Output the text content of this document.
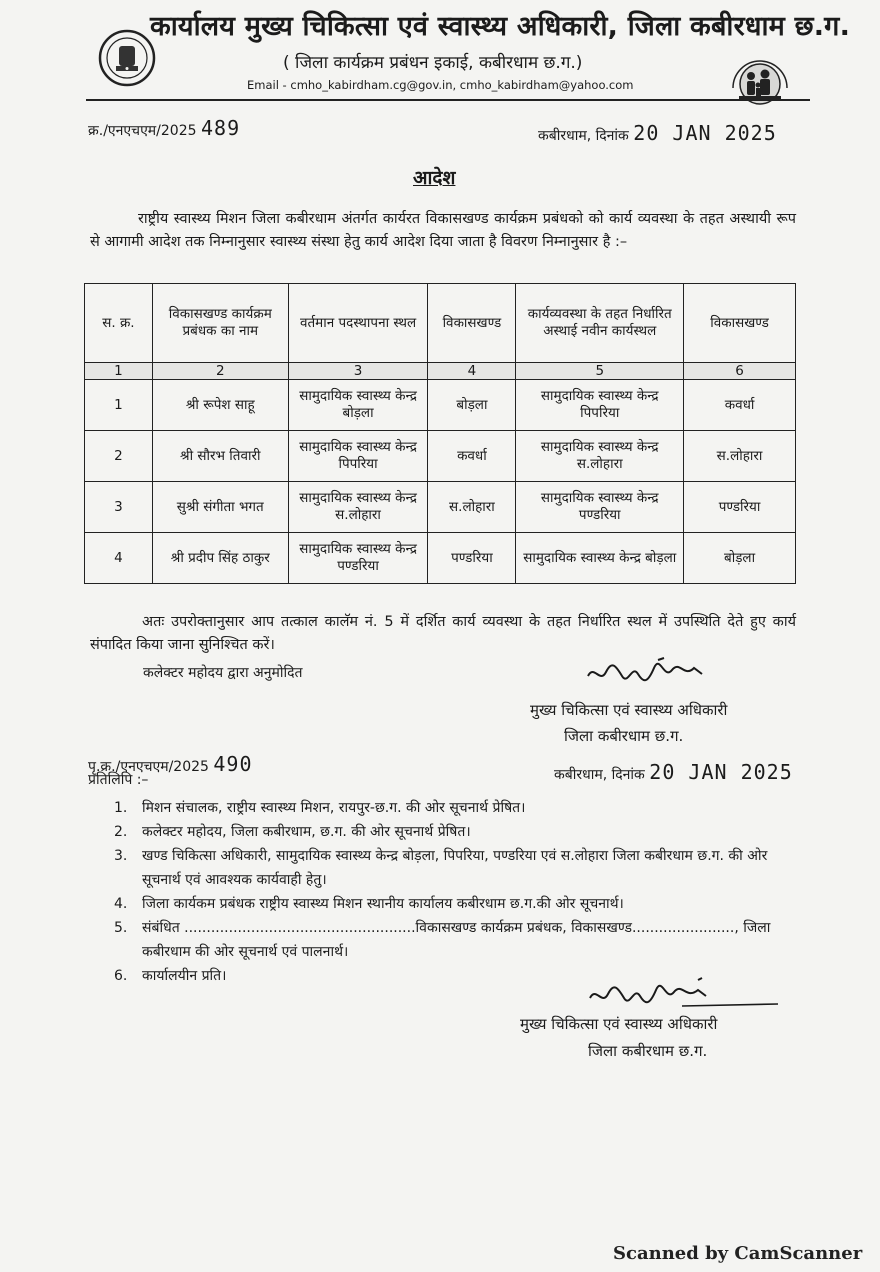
कार्यालय मुख्य चिकित्सा एवं स्वास्थ्य अधिकारी, जिला कबीरधाम छ.ग.
( जिला कार्यक्रम प्रबंधन इकाई, कबीरधाम छ.ग.)
Email - cmho_kabirdham.cg@gov.in, cmho_kabirdham@yahoo.com
क्र./एनएचएम/2025 489	कबीरधाम, दिनांक 20 JAN 2025
आदेश
राष्ट्रीय स्वास्थ्य मिशन जिला कबीरधाम अंतर्गत कार्यरत विकासखण्ड कार्यक्रम प्रबंधको को कार्य व्यवस्था के तहत अस्थायी रूप से आगामी आदेश तक निम्नानुसार स्वास्थ्य संस्था हेतु कार्य आदेश दिया जाता है विवरण निम्नानुसार है :–
स. क्र.	विकासखण्ड कार्यक्रम प्रबंधक का नाम	वर्तमान पदस्थापना स्थल	विकासखण्ड	कार्यव्यवस्था के तहत निर्धारित अस्थाई नवीन कार्यस्थल	विकासखण्ड
1	2	3	4	5	6
1	श्री रूपेश साहू	सामुदायिक स्वास्थ्य केन्द्र बोड़ला	बोड़ला	सामुदायिक स्वास्थ्य केन्द्र पिपरिया	कवर्धा
2	श्री सौरभ तिवारी	सामुदायिक स्वास्थ्य केन्द्र पिपरिया	कवर्धा	सामुदायिक स्वास्थ्य केन्द्र स.लोहारा	स.लोहारा
3	सुश्री संगीता भगत	सामुदायिक स्वास्थ्य केन्द्र स.लोहारा	स.लोहारा	सामुदायिक स्वास्थ्य केन्द्र पण्डरिया	पण्डरिया
4	श्री प्रदीप सिंह ठाकुर	सामुदायिक स्वास्थ्य केन्द्र पण्डरिया	पण्डरिया	सामुदायिक स्वास्थ्य केन्द्र बोड़ला	बोड़ला
अतः उपरोक्तानुसार आप तत्काल कालॅम नं. 5 में दर्शित कार्य व्यवस्था के तहत निर्धारित स्थल में उपस्थिति देते हुए कार्य संपादित किया जाना सुनिश्चित करें।
कलेक्टर महोदय द्वारा अनुमोदित
मुख्य चिकित्सा एवं स्वास्थ्य अधिकारी
जिला कबीरधाम छ.ग.
पृ.क्र./एनएचएम/2025 490	कबीरधाम, दिनांक 20 JAN 2025
प्रतिलिपि :–
1.	मिशन संचालक, राष्ट्रीय स्वास्थ्य मिशन, रायपुर-छ.ग. की ओर सूचनार्थ प्रेषित।
2.	कलेक्टर महोदय, जिला कबीरधाम, छ.ग. की ओर सूचनार्थ प्रेषित।
3.	खण्ड चिकित्सा अधिकारी, सामुदायिक स्वास्थ्य केन्द्र बोड़ला, पिपरिया, पण्डरिया एवं स.लोहारा जिला कबीरधाम छ.ग. की ओर सूचनार्थ एवं आवश्यक कार्यवाही हेतु।
4.	जिला कार्यकम प्रबंधक राष्ट्रीय स्वास्थ्य मिशन स्थानीय कार्यालय कबीरधाम छ.ग.की ओर सूचनार्थ।
5.	संबंधित ....................................................विकासखण्ड कार्यक्रम प्रबंधक, विकासखण्ड......................., जिला कबीरधाम की ओर सूचनार्थ एवं पालनार्थ।
6.	कार्यालयीन प्रति।
मुख्य चिकित्सा एवं स्वास्थ्य अधिकारी
जिला कबीरधाम छ.ग.
Scanned by CamScanner
